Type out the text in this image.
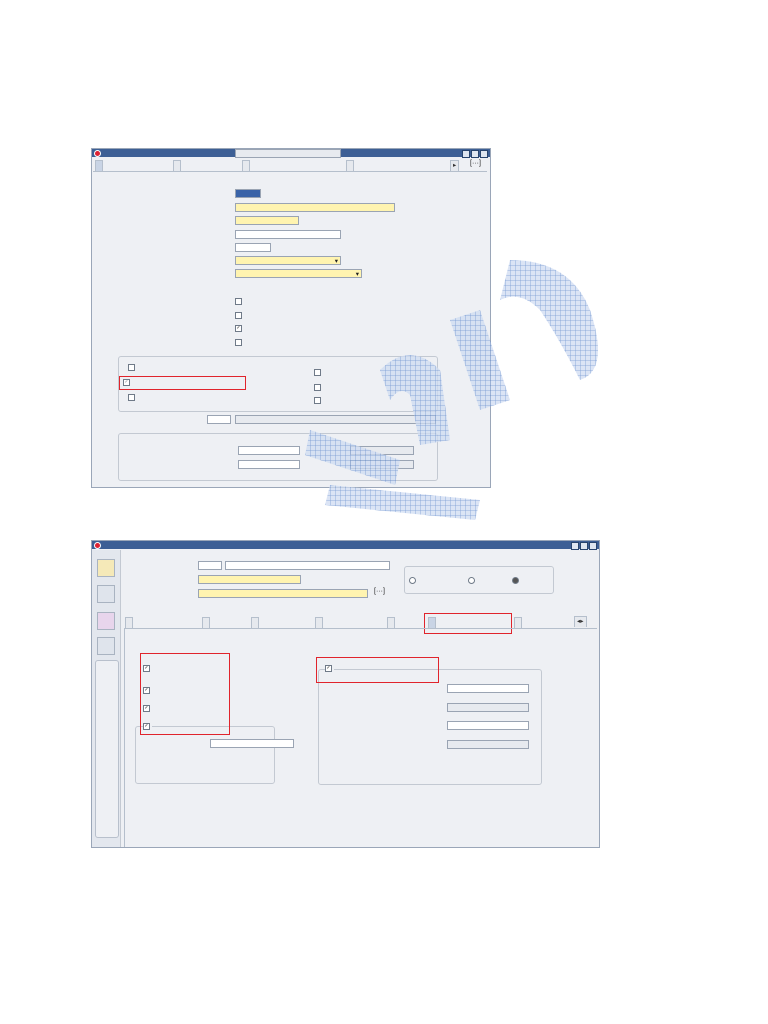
▸	[···]
▾
▾
✓
✓
[···]
◂▸
✓
✓
✓
✓
✓
